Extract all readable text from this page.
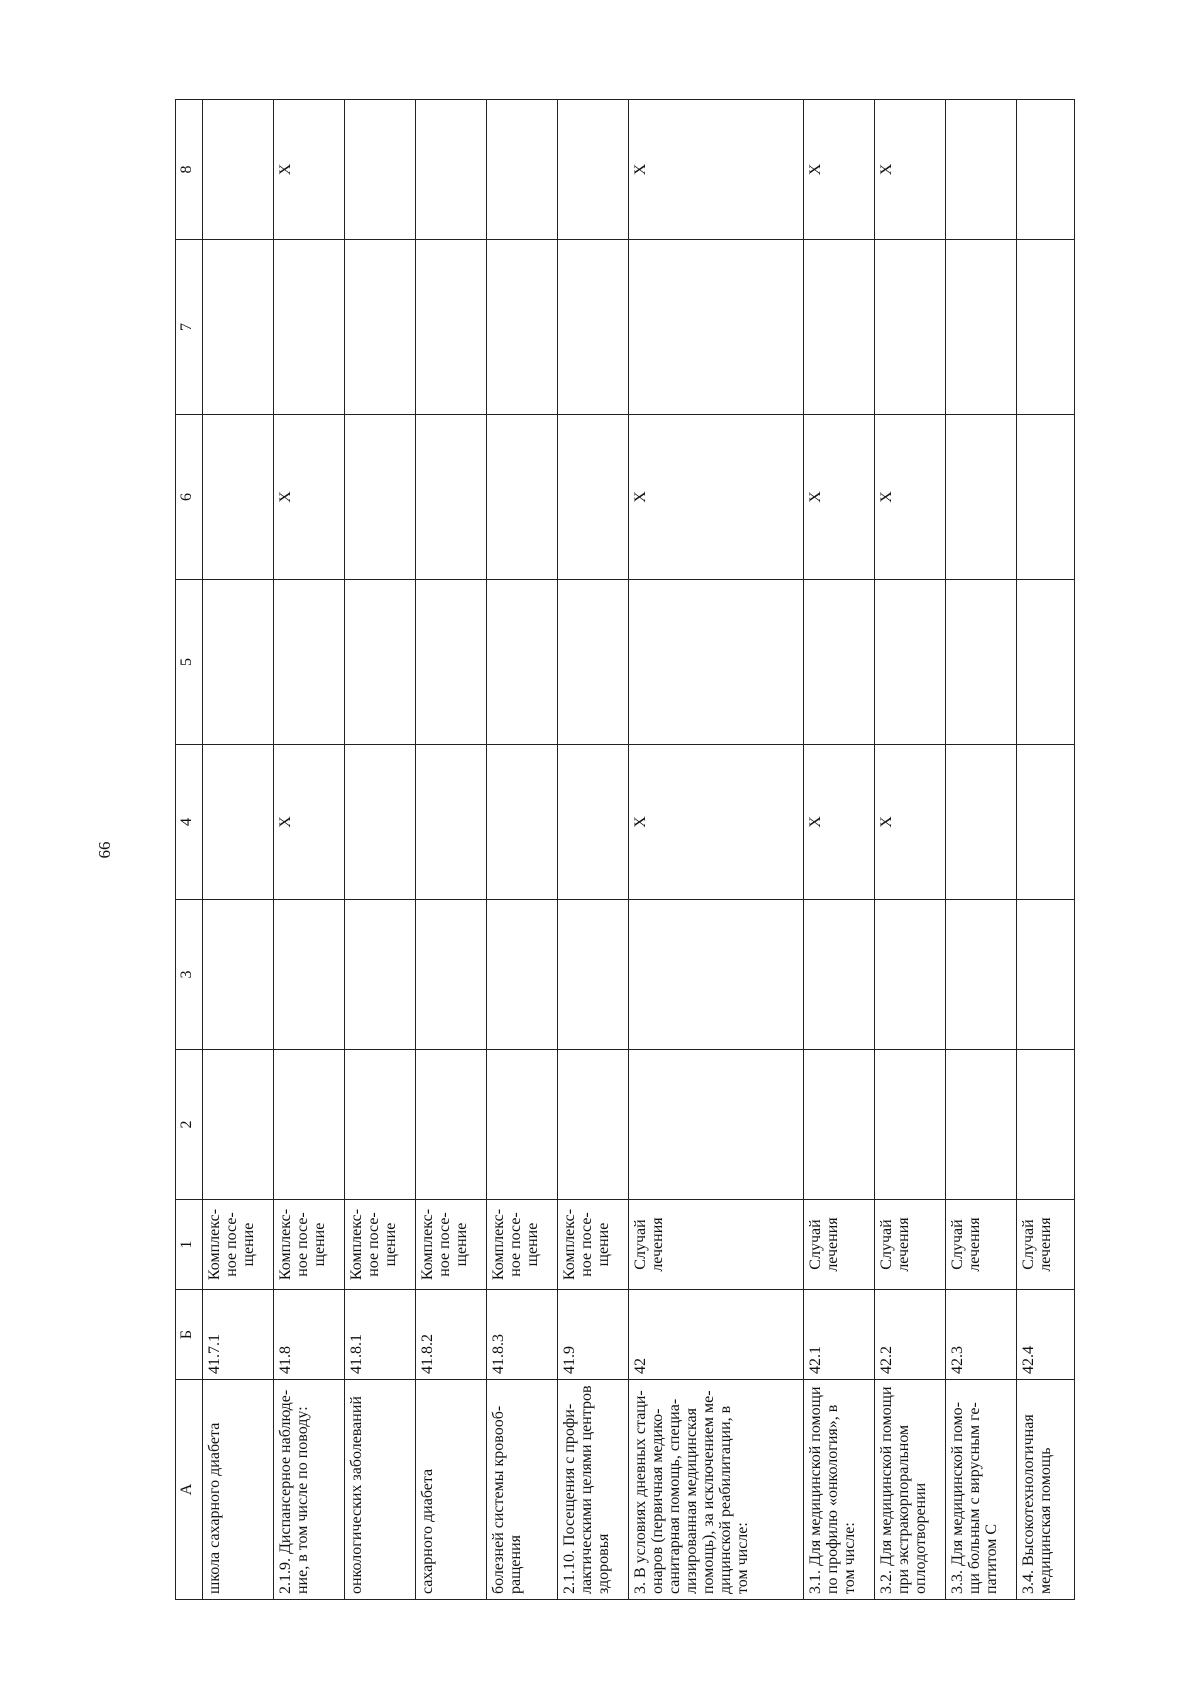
66
А	Б	1	2	3	4	5	6	7	8
школа сахарного диабета	41.7.1	Комплекс-ное посе-щение							
2.1.9. Диспансерное наблюде-ние, в том числе по поводу:	41.8	Комплекс-ное посе-щение			X		X		X
онкологических заболеваний	41.8.1	Комплекс-ное посе-щение							
сахарного диабета	41.8.2	Комплекс-ное посе-щение							
болезней системы кровооб-ращения	41.8.3	Комплекс-ное посе-щение							
2.1.10. Посещения с профи-лактическими целями центров здоровья	41.9	Комплекс-ное посе-щение							
3. В условиях дневных стаци-онаров (первичная медико-санитарная помощь, специа-лизированная медицинская помощь), за исключением ме-дицинской реабилитации, в том числе:	42	Случай лечения			X		X		X
3.1. Для медицинской помощи по профилю «онкология», в том числе:	42.1	Случай лечения			X		X		X
3.2. Для медицинской помощи при экстракорпоральном оплодотворении	42.2	Случай лечения			X		X		X
3.3. Для медицинской помо-щи больным с вирусным ге-патитом С	42.3	Случай лечения							
3.4. Высокотехнологичная медицинская помощь	42.4	Случай лечения							
